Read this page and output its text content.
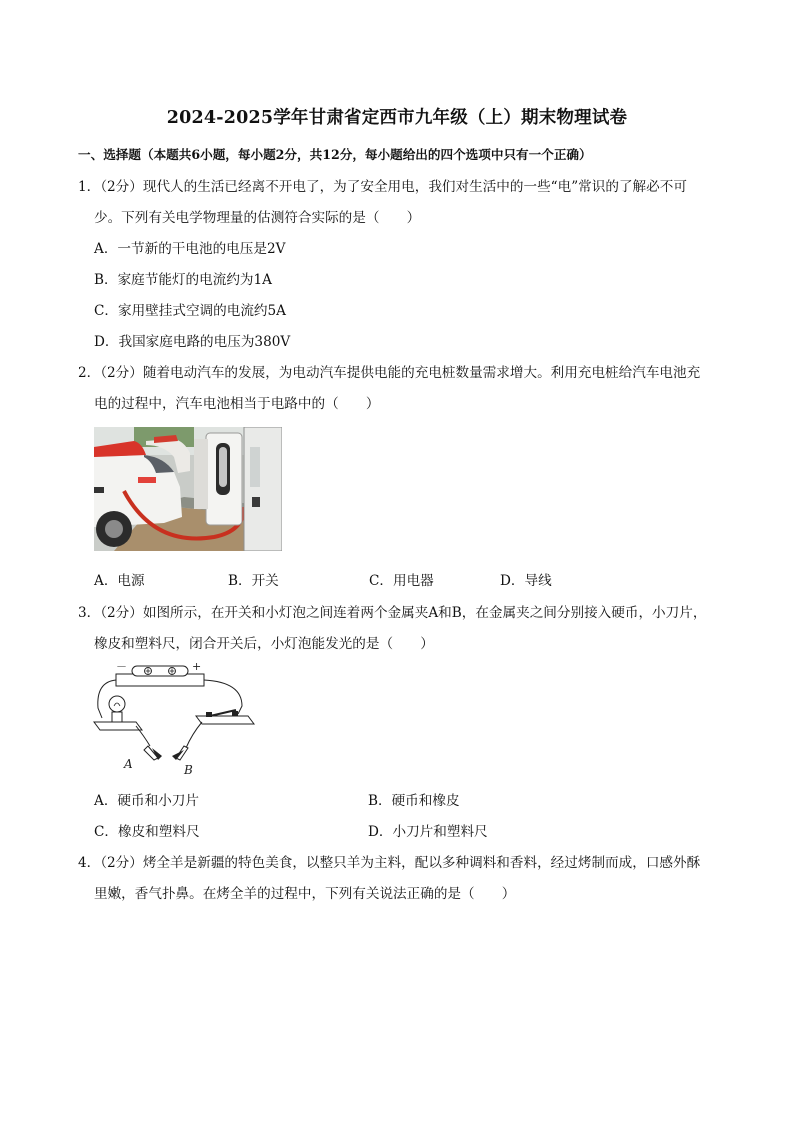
2024-2025学年甘肃省定西市九年级（上）期末物理试卷
一、选择题（本题共6小题，每小题2分，共12分，每小题给出的四个选项中只有一个正确）
1．（2分）现代人的生活已经离不开电了，为了安全用电，我们对生活中的一些“电”常识的了解必不可
少。下列有关电学物理量的估测符合实际的是（　　）
A．一节新的干电池的电压是2V
B．家庭节能灯的电流约为1A
C．家用壁挂式空调的电流约5A
D．我国家庭电路的电压为380V
2．（2分）随着电动汽车的发展，为电动汽车提供电能的充电桩数量需求增大。利用充电桩给汽车电池充
电的过程中，汽车电池相当于电路中的（　　）
A．电源	B．开关	C．用电器	D．导线
3．（2分）如图所示，在开关和小灯泡之间连着两个金属夹A和B，在金属夹之间分别接入硬币，小刀片，
橡皮和塑料尺，闭合开关后，小灯泡能发光的是（　　）
－	+
A	B
A．硬币和小刀片	B．硬币和橡皮
C．橡皮和塑料尺	D．小刀片和塑料尺
4．（2分）烤全羊是新疆的特色美食，以整只羊为主料，配以多种调料和香料，经过烤制而成，口感外酥
里嫩，香气扑鼻。在烤全羊的过程中，下列有关说法正确的是（　　）
